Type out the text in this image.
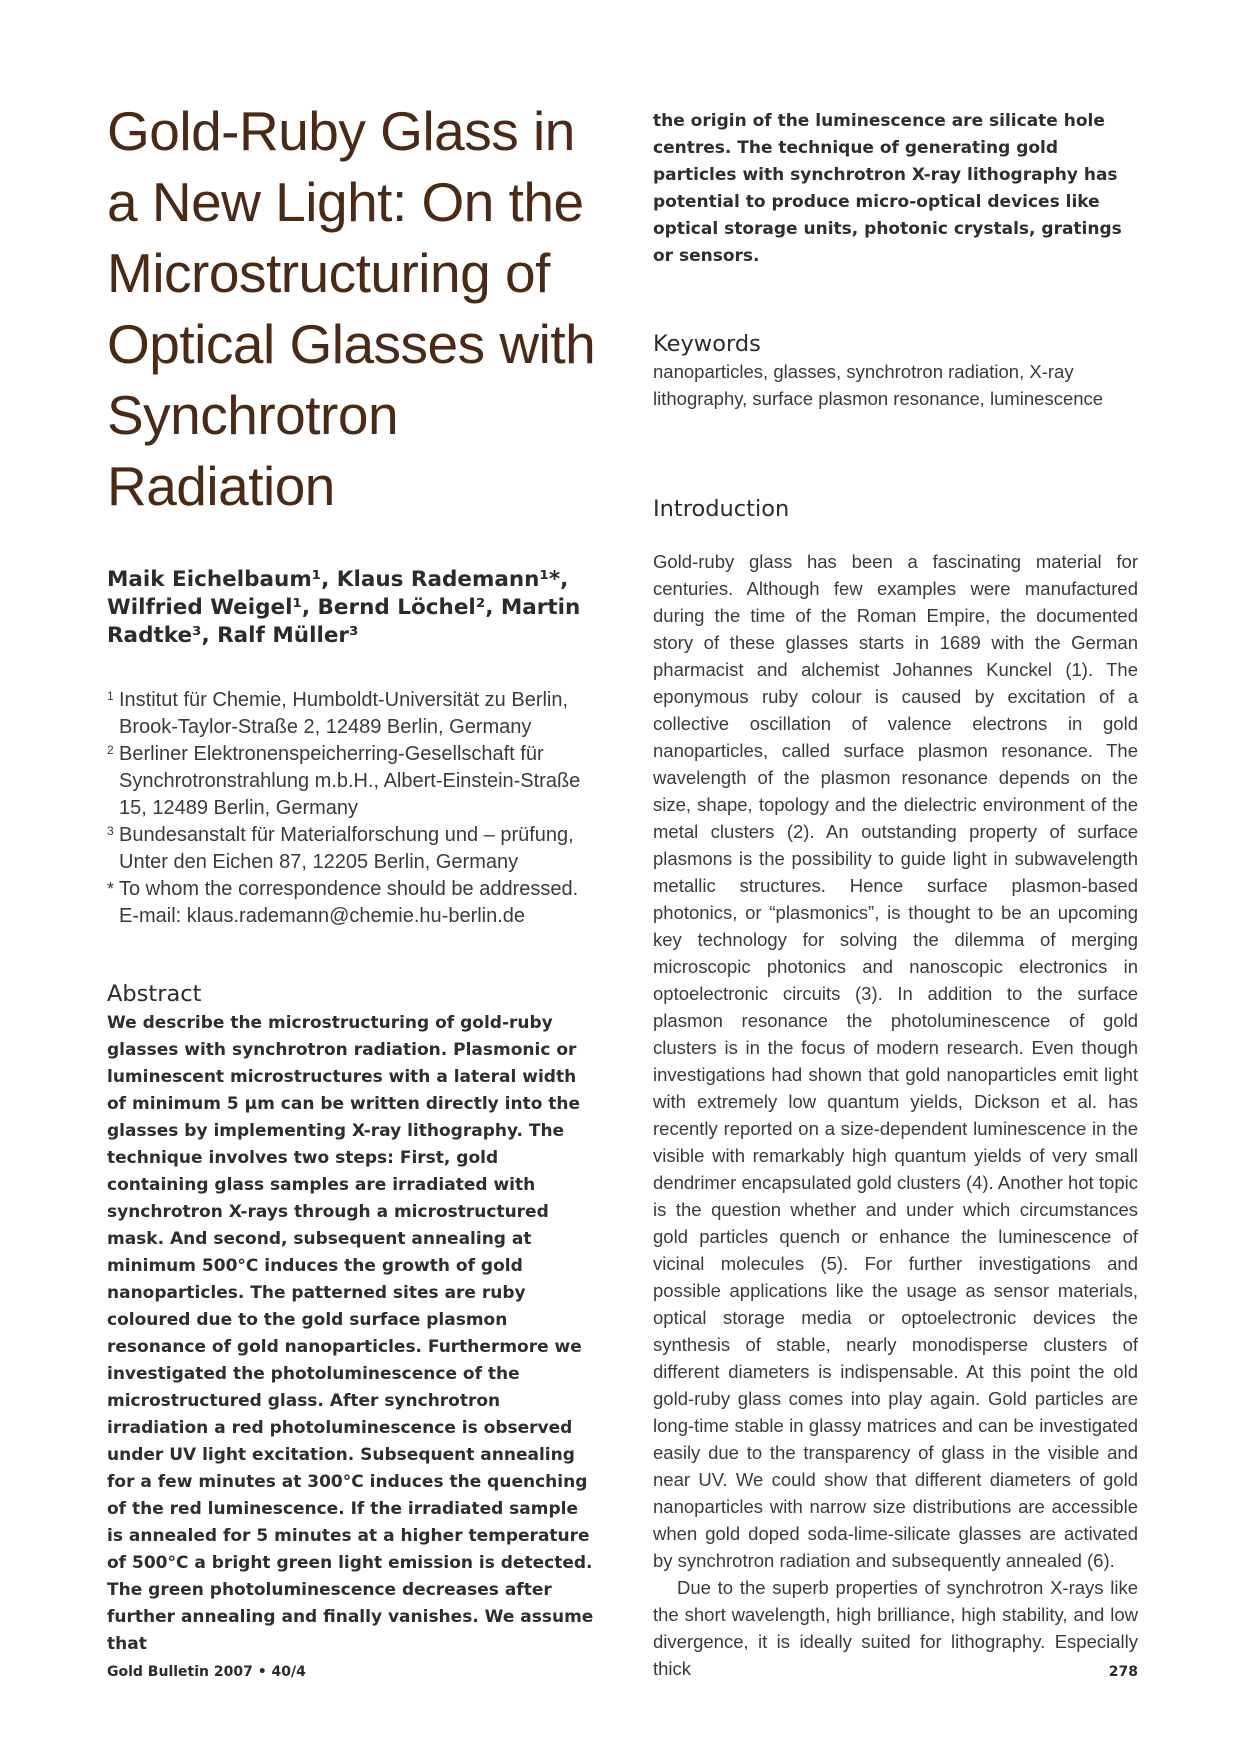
Gold-Ruby Glass in a New Light: On the Microstructuring of Optical Glasses with Synchrotron Radiation

Maik Eichelbaum¹, Klaus Rademann¹*, Wilfried Weigel¹, Bernd Löchel², Martin Radtke³, Ralf Müller³

1 Institut für Chemie, Humboldt-Universität zu Berlin, Brook-Taylor-Straße 2, 12489 Berlin, Germany
2 Berliner Elektronenspeicherring-Gesellschaft für Synchrotronstrahlung m.b.H., Albert-Einstein-Straße 15, 12489 Berlin, Germany
3 Bundesanstalt für Materialforschung und – prüfung, Unter den Eichen 87, 12205 Berlin, Germany
* To whom the correspondence should be addressed. E-mail: klaus.rademann@chemie.hu-berlin.de
Abstract

We describe the microstructuring of gold-ruby glasses with synchrotron radiation. Plasmonic or luminescent microstructures with a lateral width of minimum 5 µm can be written directly into the glasses by implementing X-ray lithography. The technique involves two steps: First, gold containing glass samples are irradiated with synchrotron X-rays through a microstructured mask. And second, subsequent annealing at minimum 500°C induces the growth of gold nanoparticles. The patterned sites are ruby coloured due to the gold surface plasmon resonance of gold nanoparticles. Furthermore we investigated the photoluminescence of the microstructured glass. After synchrotron irradiation a red photoluminescence is observed under UV light excitation. Subsequent annealing for a few minutes at 300°C induces the quenching of the red luminescence. If the irradiated sample is annealed for 5 minutes at a higher temperature of 500°C a bright green light emission is detected. The green photoluminescence decreases after further annealing and finally vanishes. We assume that

the origin of the luminescence are silicate hole centres. The technique of generating gold particles with synchrotron X-ray lithography has potential to produce micro-optical devices like optical storage units, photonic crystals, gratings or sensors.

Keywords

nanoparticles, glasses, synchrotron radiation, X-ray lithography, surface plasmon resonance, luminescence

Introduction

Gold-ruby glass has been a fascinating material for centuries. Although few examples were manufactured during the time of the Roman Empire, the documented story of these glasses starts in 1689 with the German pharmacist and alchemist Johannes Kunckel (1). The eponymous ruby colour is caused by excitation of a collective oscillation of valence electrons in gold nanoparticles, called surface plasmon resonance. The wavelength of the plasmon resonance depends on the size, shape, topology and the dielectric environment of the metal clusters (2). An outstanding property of surface plasmons is the possibility to guide light in subwavelength metallic structures. Hence surface plasmon-based photonics, or “plasmonics”, is thought to be an upcoming key technology for solving the dilemma of merging microscopic photonics and nanoscopic electronics in optoelectronic circuits (3). In addition to the surface plasmon resonance the photoluminescence of gold clusters is in the focus of modern research. Even though investigations had shown that gold nanoparticles emit light with extremely low quantum yields, Dickson et al. has recently reported on a size-dependent luminescence in the visible with remarkably high quantum yields of very small dendrimer encapsulated gold clusters (4). Another hot topic is the question whether and under which circumstances gold particles quench or enhance the luminescence of vicinal molecules (5). For further investigations and possible applications like the usage as sensor materials, optical storage media or optoelectronic devices the synthesis of stable, nearly monodisperse clusters of different diameters is indispensable. At this point the old gold-ruby glass comes into play again. Gold particles are long-time stable in glassy matrices and can be investigated easily due to the transparency of glass in the visible and near UV. We could show that different diameters of gold nanoparticles with narrow size distributions are accessible when gold doped soda-lime-silicate glasses are activated by synchrotron radiation and subsequently annealed (6).

Due to the superb properties of synchrotron X-rays like the short wavelength, high brilliance, high stability, and low divergence, it is ideally suited for lithography. Especially thick

Gold Bulletin 2007 • 40/4	278
